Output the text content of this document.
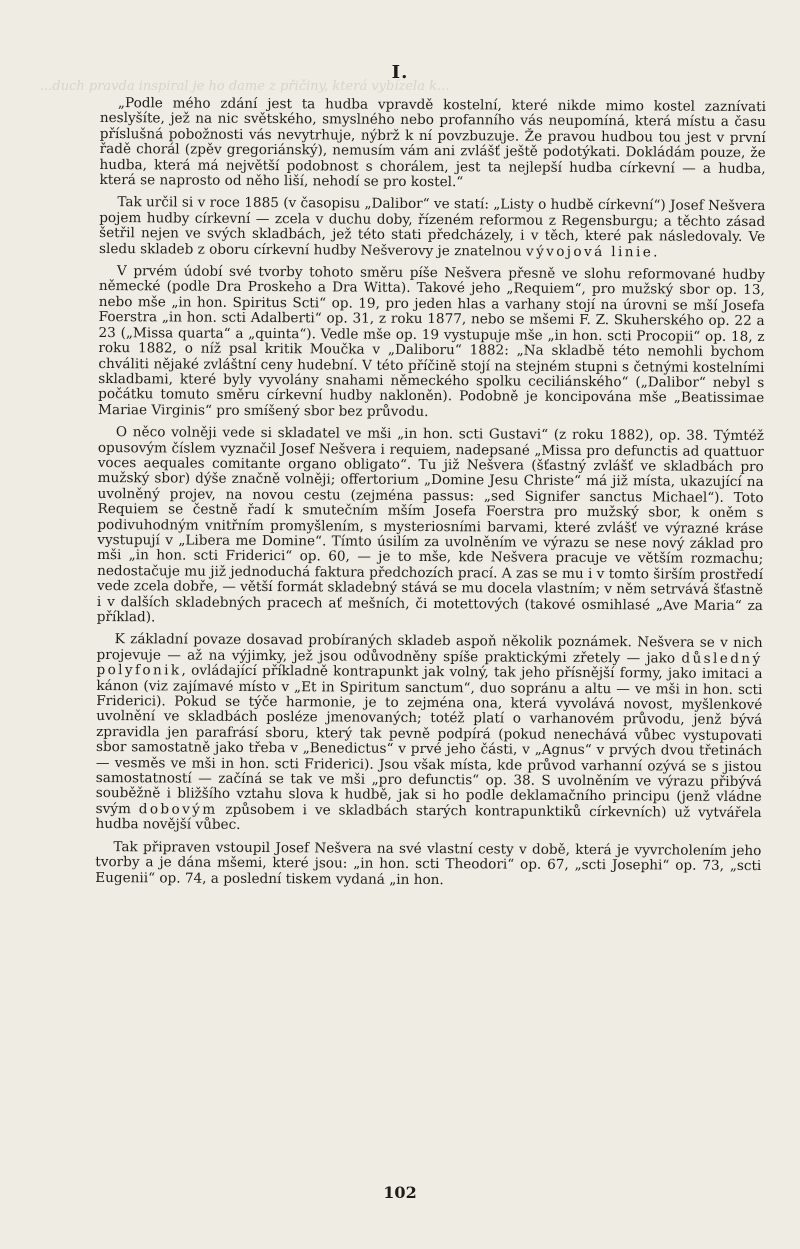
...duch pravda inspiral je ho dame z přičiny, která vybízela k...
I.

„Podle mého zdání jest ta hudba vpravdě kostelní, které nikde mimo kostel zaznívati neslyšíte, jež na nic světského, smyslného nebo profanního vás neupomíná, která místu a času příslušná pobožnosti vás nevytrhuje, nýbrž k ní povzbuzuje. Že pravou hudbou tou jest v první řadě chorál (zpěv gregoriánský), nemusím vám ani zvlášť ještě podotýkati. Dokládám pouze, že hudba, která má největší podobnost s chorálem, jest ta nejlepší hudba církevní — a hudba, která se naprosto od něho liší, nehodí se pro kostel.“

Tak určil si v roce 1885 (v časopisu „Dalibor“ ve statí: „Listy o hudbě církevní“) Josef Nešvera pojem hudby církevní — zcela v duchu doby, řízeném reformou z Regensburgu; a těchto zásad šetřil nejen ve svých skladbách, jež této stati předcházely, i v těch, které pak následovaly. Ve sledu skladeb z oboru církevní hudby Nešverovy je znatelnou vývojová linie.

V prvém údobí své tvorby tohoto směru píše Nešvera přesně ve slohu reformované hudby německé (podle Dra Proskeho a Dra Witta). Takové jeho „Requiem“, pro mužský sbor op. 13, nebo mše „in hon. Spiritus Scti“ op. 19, pro jeden hlas a varhany stojí na úrovni se mší Josefa Foerstra „in hon. scti Adalberti“ op. 31, z roku 1877, nebo se mšemi F. Z. Skuherského op. 22 a 23 („Missa quarta“ a „quinta“). Vedle mše op. 19 vystupuje mše „in hon. scti Procopii“ op. 18, z roku 1882, o níž psal kritik Moučka v „Daliboru“ 1882: „Na skladbě této nemohli bychom chváliti nějaké zvláštní ceny hudební. V této příčině stojí na stejném stupni s četnými kostelními skladbami, které byly vyvolány snahami německého spolku ceciliánského“ („Dalibor“ nebyl s počátku tomuto směru církevní hudby nakloněn). Podobně je koncipována mše „Beatissimae Mariae Virginis“ pro smíšený sbor bez průvodu.

O něco volněji vede si skladatel ve mši „in hon. scti Gustavi“ (z roku 1882), op. 38. Týmtéž opusovým číslem vyznačil Josef Nešvera i requiem, nadepsané „Missa pro defunctis ad quattuor voces aequales comitante organo obligato“. Tu již Nešvera (šťastný zvlášť ve skladbách pro mužský sbor) dýše značně volněji; offertorium „Domine Jesu Christe“ má již místa, ukazující na uvolněný projev, na novou cestu (zejména passus: „sed Signifer sanctus Michael“). Toto Requiem se čestně řadí k smutečním mším Josefa Foerstra pro mužský sbor, k oněm s podivuhodným vnitřním promyšlením, s mysteriosními barvami, které zvlášť ve výrazné kráse vystupují v „Libera me Domine“. Tímto úsilím za uvolněním ve výrazu se nese nový základ pro mši „in hon. scti Friderici“ op. 60, — je to mše, kde Nešvera pracuje ve větším rozmachu; nedostačuje mu již jednoduchá faktura předchozích prací. A zas se mu i v tomto širším prostředí vede zcela dobře, — větší formát skladebný stává se mu docela vlastním; v něm setrvává šťastně i v dalších skladebných pracech ať mešních, či motettových (takové osmihlasé „Ave Maria“ za příklad).

K základní povaze dosavad probíraných skladeb aspoň několik poznámek. Nešvera se v nich projevuje — až na výjimky, jež jsou odůvodněny spíše praktickými zřetely — jako důsledný polyfonik, ovládající příkladně kontrapunkt jak volný, tak jeho přísnější formy, jako imitaci a kánon (viz zajímavé místo v „Et in Spiritum sanctum“, duo sopránu a altu — ve mši in hon. scti Friderici). Pokud se týče harmonie, je to zejména ona, která vyvolává novost, myšlenkové uvolnění ve skladbách posléze jmenovaných; totéž platí o varhanovém průvodu, jenž bývá zpravidla jen parafrásí sboru, který tak pevně podpírá (pokud nenechává vůbec vystupovati sbor samostatně jako třeba v „Benedictus“ v prvé jeho části, v „Agnus“ v prvých dvou třetinách — vesměs ve mši in hon. scti Friderici). Jsou však místa, kde průvod varhanní ozývá se s jistou samostatností — začíná se tak ve mši „pro defunctis“ op. 38. S uvolněním ve výrazu přibývá souběžně i bližšího vztahu slova k hudbě, jak si ho podle deklamačního principu (jenž vládne svým dobovým způsobem i ve skladbách starých kontrapunktiků církevních) už vytvářela hudba novější vůbec.

Tak připraven vstoupil Josef Nešvera na své vlastní cesty v době, která je vyvrcholením jeho tvorby a je dána mšemi, které jsou: „in hon. scti Theodori“ op. 67, „scti Josephi“ op. 73, „scti Eugenii“ op. 74, a poslední tiskem vydaná „in hon.

102
